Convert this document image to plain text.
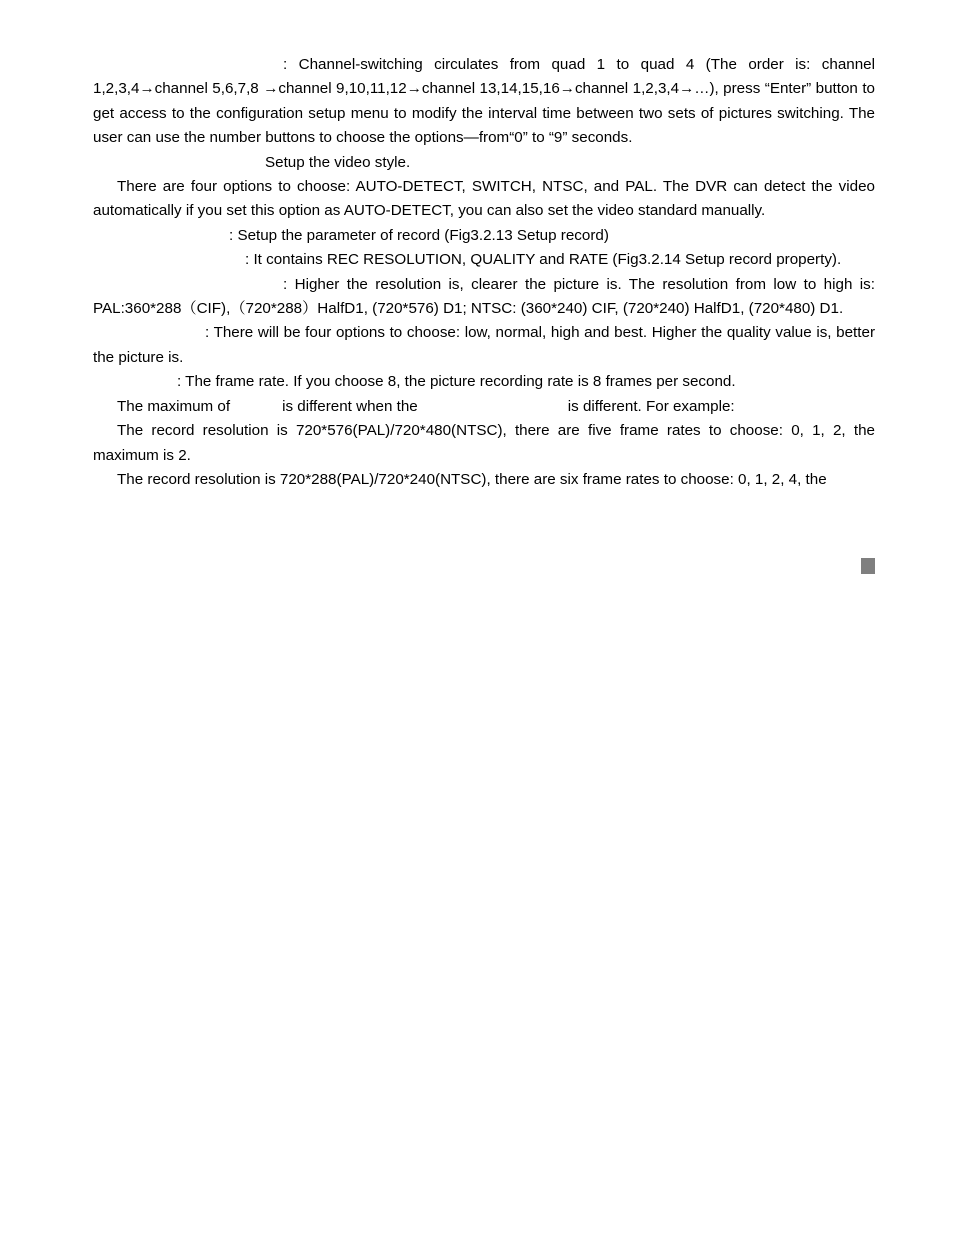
: Channel-switching circulates from quad 1 to quad 4 (The order is: channel 1,2,3,4→channel 5,6,7,8 →channel 9,10,11,12→channel 13,14,15,16→channel 1,2,3,4→…), press “Enter” button to get access to the configuration setup menu to modify the interval time between two sets of pictures switching. The user can use the number buttons to choose the options—from“0” to “9” seconds.

Setup the video style.

There are four options to choose: AUTO-DETECT, SWITCH, NTSC, and PAL. The DVR can detect the video automatically if you set this option as AUTO-DETECT, you can also set the video standard manually.

: Setup the parameter of record (Fig3.2.13 Setup record)

: It contains REC RESOLUTION, QUALITY and RATE (Fig3.2.14 Setup record property).

: Higher the resolution is, clearer the picture is. The resolution from low to high is: PAL:360*288（CIF),（720*288）HalfD1, (720*576) D1; NTSC: (360*240) CIF, (720*240) HalfD1, (720*480) D1.

: There will be four options to choose: low, normal, high and best. Higher the quality value is, better the picture is.

: The frame rate. If you choose 8, the picture recording rate is 8 frames per second.

The maximum of	is different when the	is different. For example:

The record resolution is 720*576(PAL)/720*480(NTSC), there are five frame rates to choose: 0, 1, 2, the maximum is 2.

The record resolution is 720*288(PAL)/720*240(NTSC), there are six frame rates to choose: 0, 1, 2, 4, the
